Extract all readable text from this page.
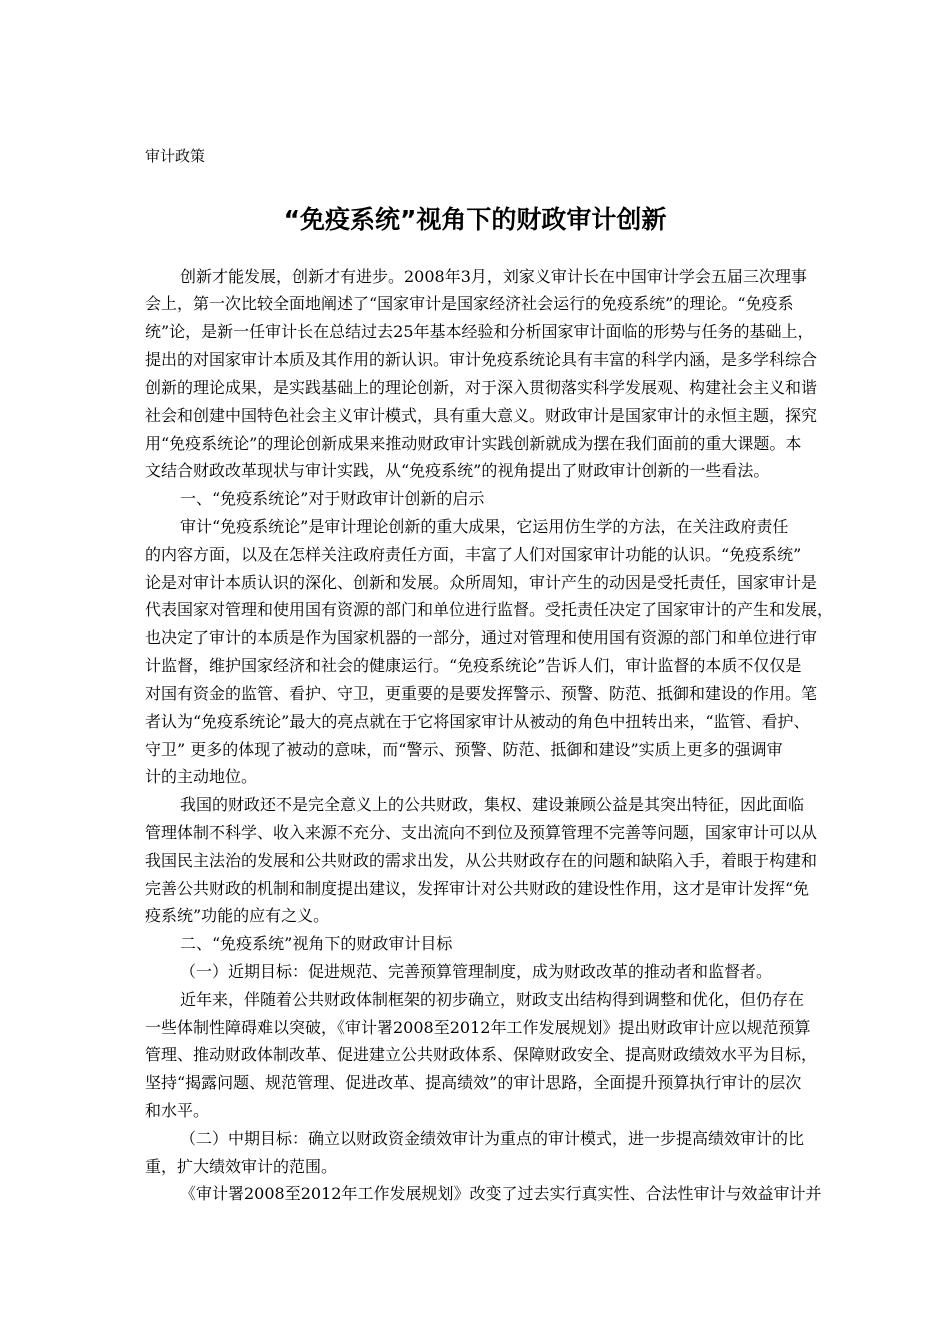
审计政策
“免疫系统”视角下的财政审计创新
创新才能发展，创新才有进步。2008年3月，刘家义审计长在中国审计学会五届三次理事
会上，第一次比较全面地阐述了“国家审计是国家经济社会运行的免疫系统”的理论。“免疫系
统”论，是新一任审计长在总结过去25年基本经验和分析国家审计面临的形势与任务的基础上，
提出的对国家审计本质及其作用的新认识。审计免疫系统论具有丰富的科学内涵，是多学科综合
创新的理论成果，是实践基础上的理论创新，对于深入贯彻落实科学发展观、构建社会主义和谐
社会和创建中国特色社会主义审计模式，具有重大意义。财政审计是国家审计的永恒主题，探究
用“免疫系统论”的理论创新成果来推动财政审计实践创新就成为摆在我们面前的重大课题。本
文结合财政改革现状与审计实践，从“免疫系统”的视角提出了财政审计创新的一些看法。
一、“免疫系统论”对于财政审计创新的启示
审计“免疫系统论”是审计理论创新的重大成果，它运用仿生学的方法，在关注政府责任
的内容方面，以及在怎样关注政府责任方面，丰富了人们对国家审计功能的认识。“免疫系统”
论是对审计本质认识的深化、创新和发展。众所周知，审计产生的动因是受托责任，国家审计是
代表国家对管理和使用国有资源的部门和单位进行监督。受托责任决定了国家审计的产生和发展，
也决定了审计的本质是作为国家机器的一部分，通过对管理和使用国有资源的部门和单位进行审
计监督，维护国家经济和社会的健康运行。“免疫系统论”告诉人们，审计监督的本质不仅仅是
对国有资金的监管、看护、守卫，更重要的是要发挥警示、预警、防范、抵御和建设的作用。笔
者认为“免疫系统论”最大的亮点就在于它将国家审计从被动的角色中扭转出来，“监管、看护、
守卫” 更多的体现了被动的意味，而“警示、预警、防范、抵御和建设”实质上更多的强调审
计的主动地位。
我国的财政还不是完全意义上的公共财政，集权、建设兼顾公益是其突出特征，因此面临
管理体制不科学、收入来源不充分、支出流向不到位及预算管理不完善等问题，国家审计可以从
我国民主法治的发展和公共财政的需求出发，从公共财政存在的问题和缺陷入手，着眼于构建和
完善公共财政的机制和制度提出建议，发挥审计对公共财政的建设性作用，这才是审计发挥“免
疫系统”功能的应有之义。
二、“免疫系统”视角下的财政审计目标
（一）近期目标：促进规范、完善预算管理制度，成为财政改革的推动者和监督者。
近年来，伴随着公共财政体制框架的初步确立，财政支出结构得到调整和优化，但仍存在
一些体制性障碍难以突破，《审计署2008至2012年工作发展规划》提出财政审计应以规范预算
管理、推动财政体制改革、促进建立公共财政体系、保障财政安全、提高财政绩效水平为目标，
坚持“揭露问题、规范管理、促进改革、提高绩效”的审计思路，全面提升预算执行审计的层次
和水平。
（二）中期目标：确立以财政资金绩效审计为重点的审计模式，进一步提高绩效审计的比
重，扩大绩效审计的范围。
《审计署2008至2012年工作发展规划》改变了过去实行真实性、合法性审计与效益审计并
